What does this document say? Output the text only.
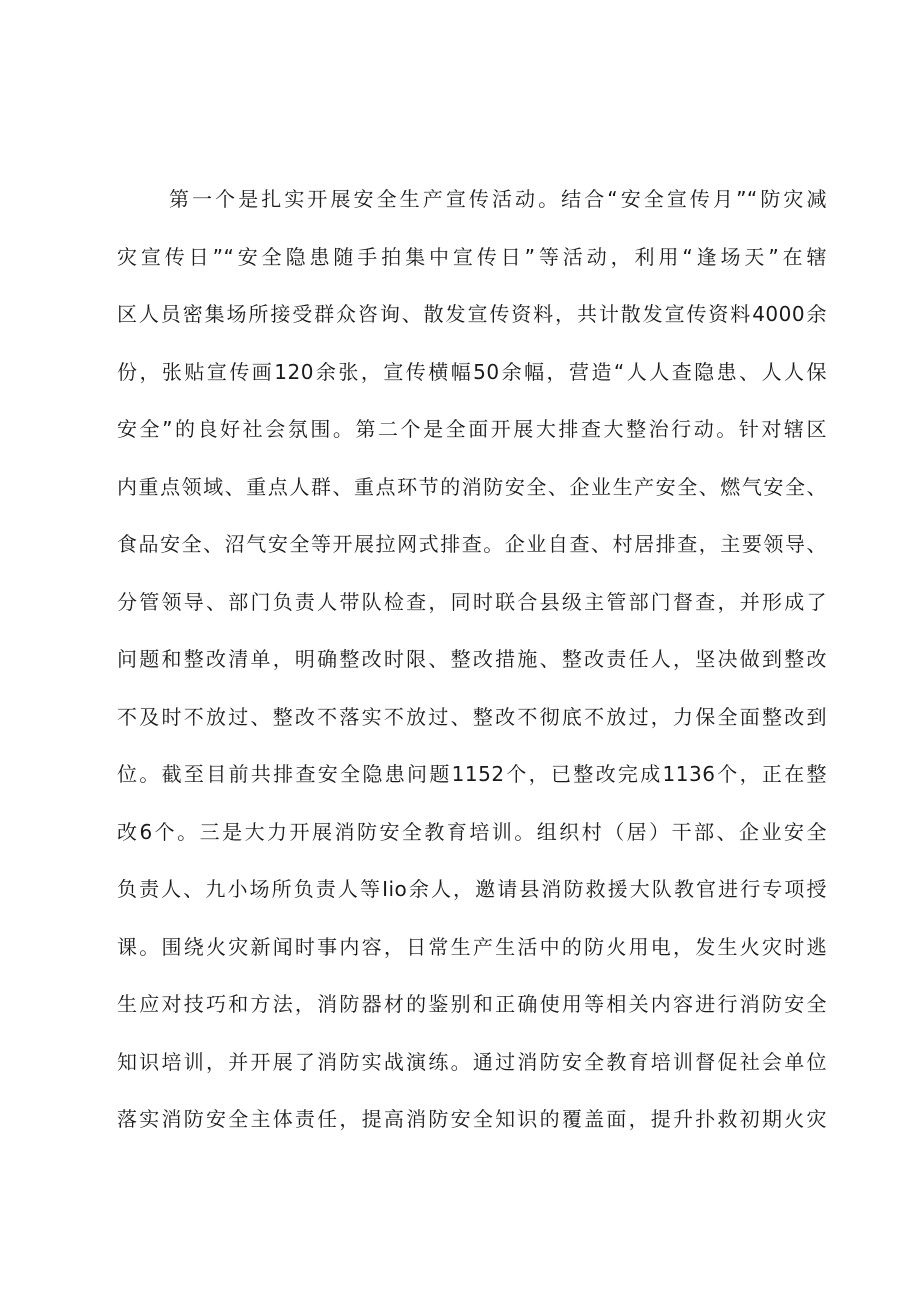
第一个是扎实开展安全生产宣传活动。结合“安全宣传月”“防灾减
灾宣传日”“安全隐患随手拍集中宣传日”等活动，利用“逢场天”在辖
区人员密集场所接受群众咨询、散发宣传资料，共计散发宣传资料4000余
份，张贴宣传画120余张，宣传横幅50余幅，营造“人人查隐患、人人保
安全”的良好社会氛围。第二个是全面开展大排查大整治行动。针对辖区
内重点领域、重点人群、重点环节的消防安全、企业生产安全、燃气安全、
食品安全、沼气安全等开展拉网式排查。企业自查、村居排查，主要领导、
分管领导、部门负责人带队检查，同时联合县级主管部门督查，并形成了
问题和整改清单，明确整改时限、整改措施、整改责任人，坚决做到整改
不及时不放过、整改不落实不放过、整改不彻底不放过，力保全面整改到
位。截至目前共排查安全隐患问题1152个，已整改完成1136个，正在整
改6个。三是大力开展消防安全教育培训。组织村（居）干部、企业安全
负责人、九小场所负责人等Iio余人，邀请县消防救援大队教官进行专项授
课。围绕火灾新闻时事内容，日常生产生活中的防火用电，发生火灾时逃
生应对技巧和方法，消防器材的鉴别和正确使用等相关内容进行消防安全
知识培训，并开展了消防实战演练。通过消防安全教育培训督促社会单位
落实消防安全主体责任，提高消防安全知识的覆盖面，提升扑救初期火灾
